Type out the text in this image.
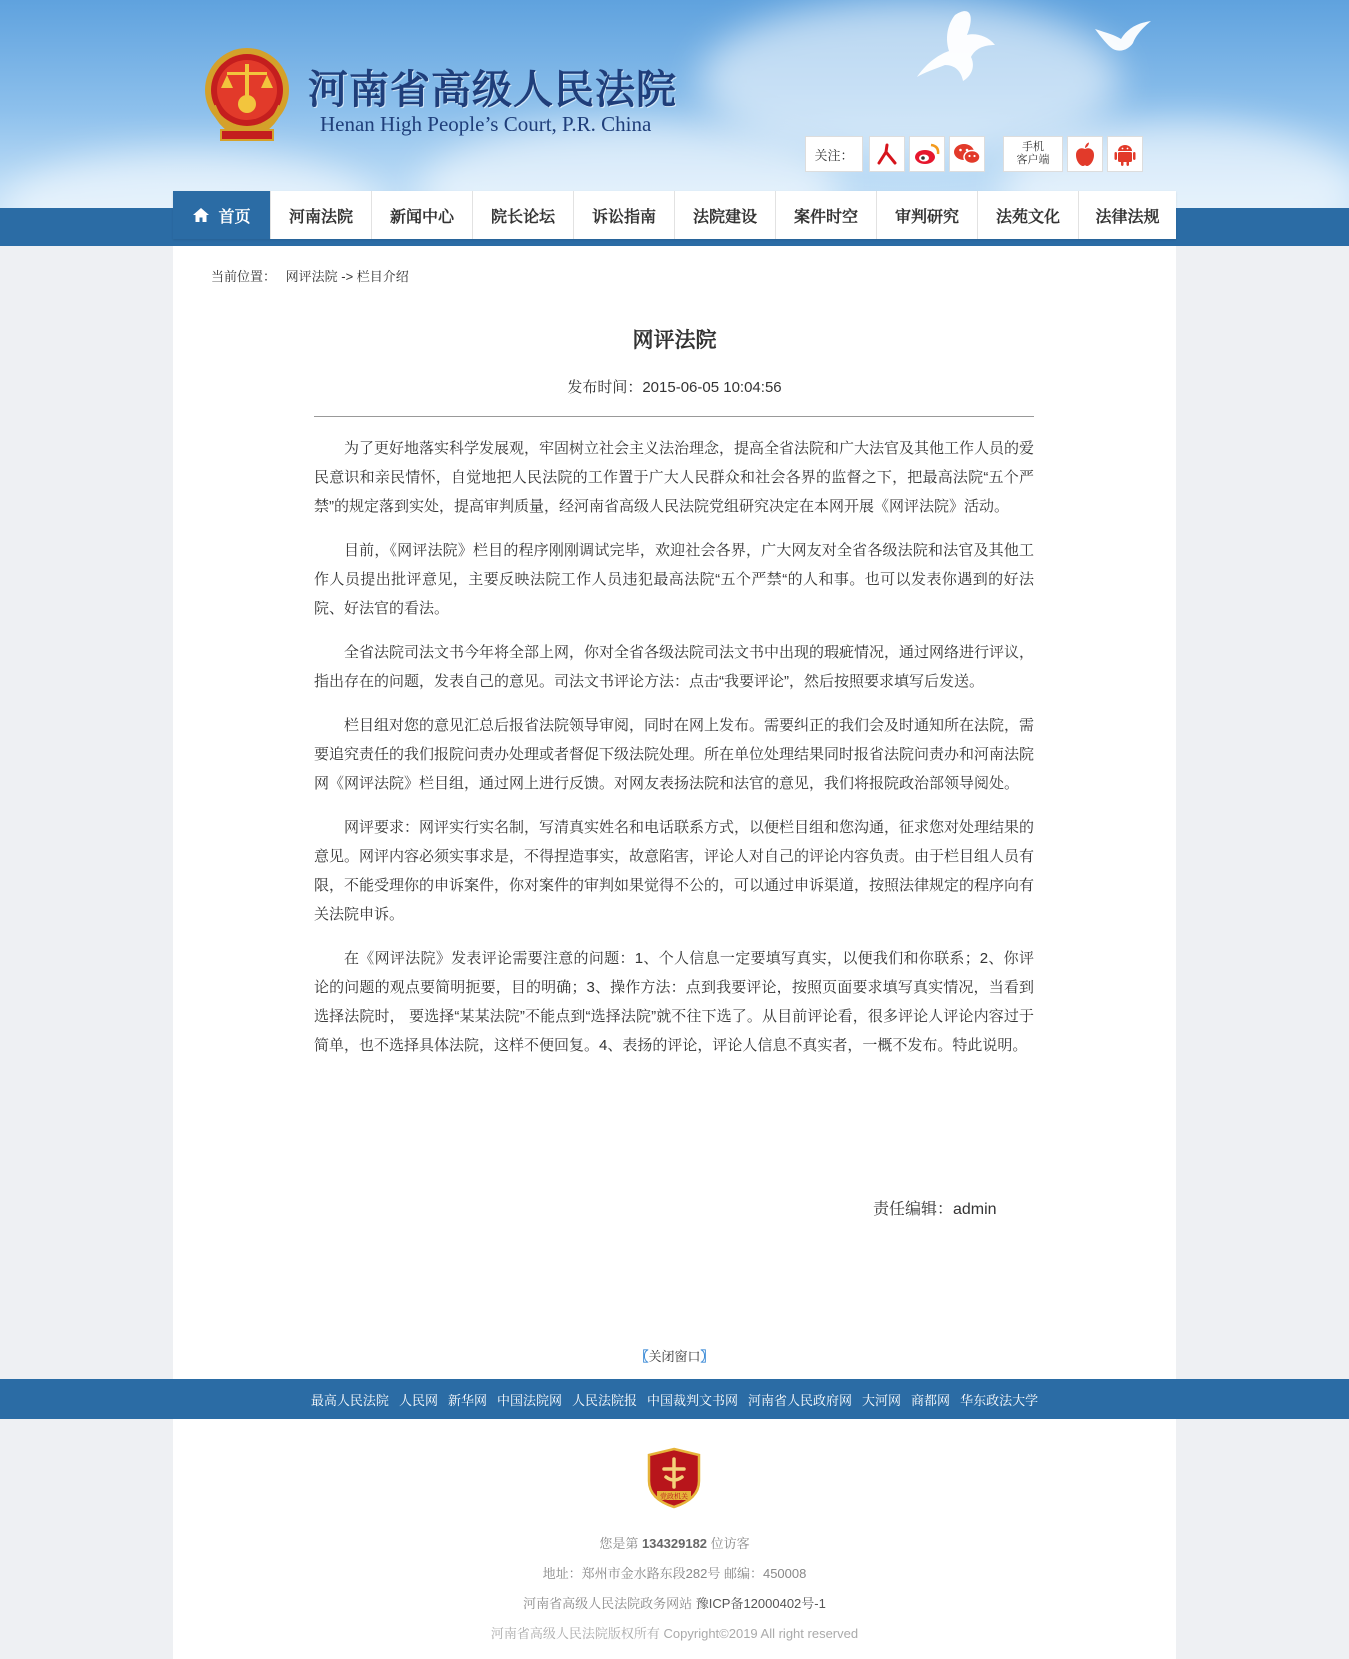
河南省高级人民法院
Henan High People’s Court, P.R. China
关注：
手机
客户端
首页	河南法院	新闻中心	院长论坛	诉讼指南	法院建设	案件时空	审判研究	法苑文化	法律法规
当前位置： 网评法院 -> 栏目介绍
网评法院
发布时间：2015-06-05 10:04:56

为了更好地落实科学发展观，牢固树立社会主义法治理念，提高全省法院和广大法官及其他工作人员的爱民意识和亲民情怀，自觉地把人民法院的工作置于广大人民群众和社会各界的监督之下，把最高法院“五个严禁”的规定落到实处，提高审判质量，经河南省高级人民法院党组研究决定在本网开展《网评法院》活动。

目前，《网评法院》栏目的程序刚刚调试完毕，欢迎社会各界，广大网友对全省各级法院和法官及其他工作人员提出批评意见，主要反映法院工作人员违犯最高法院“五个严禁“的人和事。也可以发表你遇到的好法院、好法官的看法。

全省法院司法文书今年将全部上网，你对全省各级法院司法文书中出现的瑕疵情况，通过网络进行评议，指出存在的问题，发表自己的意见。司法文书评论方法：点击“我要评论”，然后按照要求填写后发送。

栏目组对您的意见汇总后报省法院领导审阅，同时在网上发布。需要纠正的我们会及时通知所在法院，需要追究责任的我们报院问责办处理或者督促下级法院处理。所在单位处理结果同时报省法院问责办和河南法院网《网评法院》栏目组，通过网上进行反馈。对网友表扬法院和法官的意见，我们将报院政治部领导阅处。

网评要求：网评实行实名制，写清真实姓名和电话联系方式，以便栏目组和您沟通，征求您对处理结果的意见。网评内容必须实事求是，不得捏造事实，故意陷害，评论人对自己的评论内容负责。由于栏目组人员有限，不能受理你的申诉案件，你对案件的审判如果觉得不公的，可以通过申诉渠道，按照法律规定的程序向有关法院申诉。

在《网评法院》发表评论需要注意的问题：1、个人信息一定要填写真实，以便我们和你联系；2、你评论的问题的观点要简明扼要，目的明确；3、操作方法：点到我要评论，按照页面要求填写真实情况，当看到选择法院时， 要选择“某某法院”不能点到“选择法院”就不往下选了。从目前评论看，很多评论人评论内容过于简单，也不选择具体法院，这样不便回复。4、表扬的评论，评论人信息不真实者，一概不发布。特此说明。

责任编辑：admin
〖关闭窗口〗
最高人民法院 人民网 新华网 中国法院网 人民法院报 中国裁判文书网 河南省人民政府网 大河网 商都网 华东政法大学
党政机关
您是第 134329182 位访客
地址：郑州市金水路东段282号 邮编：450008
河南省高级人民法院政务网站 豫ICP备12000402号-1
河南省高级人民法院版权所有 Copyright©2019 All right reserved
